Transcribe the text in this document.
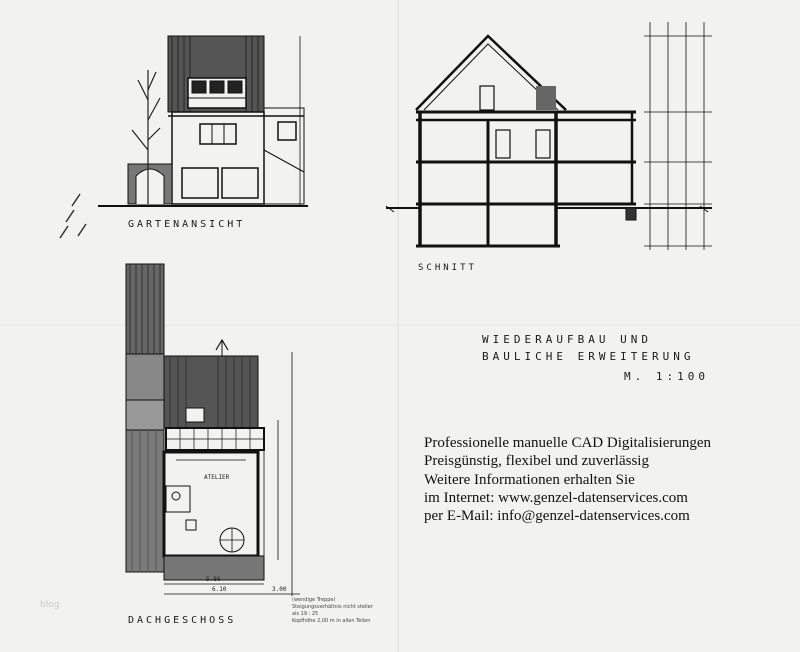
GARTENANSICHT
SCHNITT
DACHGESCHOSS
WIEDERAUFBAU UND
BAULICHE ERWEITERUNG
M. 1:100
ATELIER
6.10	3.00
5.86
(wendige Treppe)
Steigungsverhältnis nicht steiler
als 19 : 25
Kopfhöhe 2,00 m in allen Teilen
Professionelle manuelle CAD Digitalisierungen
Preisgünstig, flexibel und zuverlässig
Weitere Informationen erhalten Sie
im Internet: www.genzel-datenservices.com
per E-Mail: info@genzel-datenservices.com
blog
